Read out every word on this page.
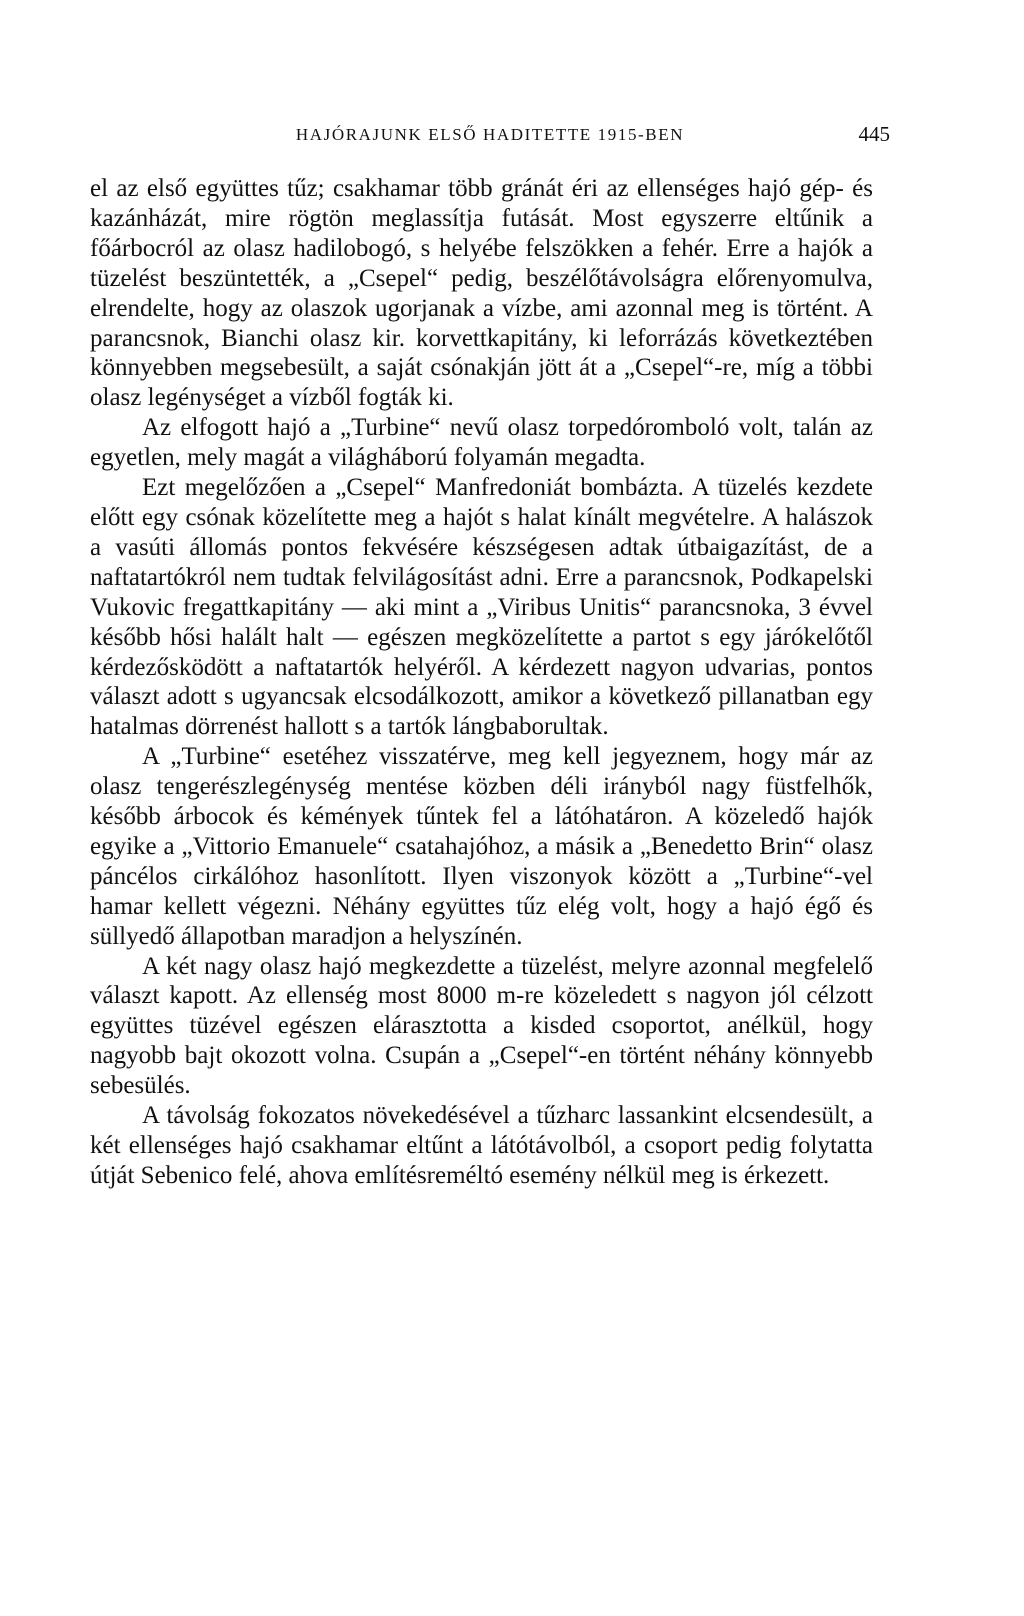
HAJÓRAJUNK ELSŐ HADITETTE 1915-BEN	445

el az első együttes tűz; csakhamar több gránát éri az ellenséges hajó gép- és kazánházát, mire rögtön meglassítja futását. Most egyszerre eltűnik a főárbocról az olasz hadilobogó, s helyébe felszökken a fehér. Erre a hajók a tüzelést beszüntették, a „Csepel“ pedig, beszélőtávolságra előrenyomulva, elrendelte, hogy az olaszok ugorjanak a vízbe, ami azonnal meg is történt. A parancsnok, Bianchi olasz kir. korvettkapitány, ki leforrázás következtében könnyebben megsebesült, a saját csónakján jött át a „Csepel“-re, míg a többi olasz legénységet a vízből fogták ki.

Az elfogott hajó a „Turbine“ nevű olasz torpedóromboló volt, talán az egyetlen, mely magát a világháború folyamán megadta.

Ezt megelőzően a „Csepel“ Manfredoniát bombázta. A tüzelés kezdete előtt egy csónak közelítette meg a hajót s halat kínált megvételre. A halászok a vasúti állomás pontos fekvésére készségesen adtak útbaigazítást, de a naftatartókról nem tudtak felvilágosítást adni. Erre a parancsnok, Podkapelski Vukovic fregattkapitány — aki mint a „Viribus Unitis“ parancsnoka, 3 évvel később hősi halált halt — egészen megközelítette a partot s egy járókelőtől kérdezősködött a naftatartók helyéről. A kérdezett nagyon udvarias, pontos választ adott s ugyancsak elcsodálkozott, amikor a következő pillanatban egy hatalmas dörrenést hallott s a tartók lángbaborultak.

A „Turbine“ esetéhez visszatérve, meg kell jegyeznem, hogy már az olasz tengerészlegénység mentése közben déli irányból nagy füstfelhők, később árbocok és kémények tűntek fel a látóhatáron. A közeledő hajók egyike a „Vittorio Emanuele“ csatahajóhoz, a másik a „Benedetto Brin“ olasz páncélos cirkálóhoz hasonlított. Ilyen viszonyok között a „Turbine“-vel hamar kellett végezni. Néhány együttes tűz elég volt, hogy a hajó égő és süllyedő állapotban maradjon a helyszínén.

A két nagy olasz hajó megkezdette a tüzelést, melyre azonnal megfelelő választ kapott. Az ellenség most 8000 m-re közeledett s nagyon jól célzott együttes tüzével egészen elárasztotta a kisded csoportot, anélkül, hogy nagyobb bajt okozott volna. Csupán a „Csepel“-en történt néhány könnyebb sebesülés.

A távolság fokozatos növekedésével a tűzharc lassankint elcsendesült, a két ellenséges hajó csakhamar eltűnt a látótávolból, a csoport pedig folytatta útját Sebenico felé, ahova említésreméltó esemény nélkül meg is érkezett.
